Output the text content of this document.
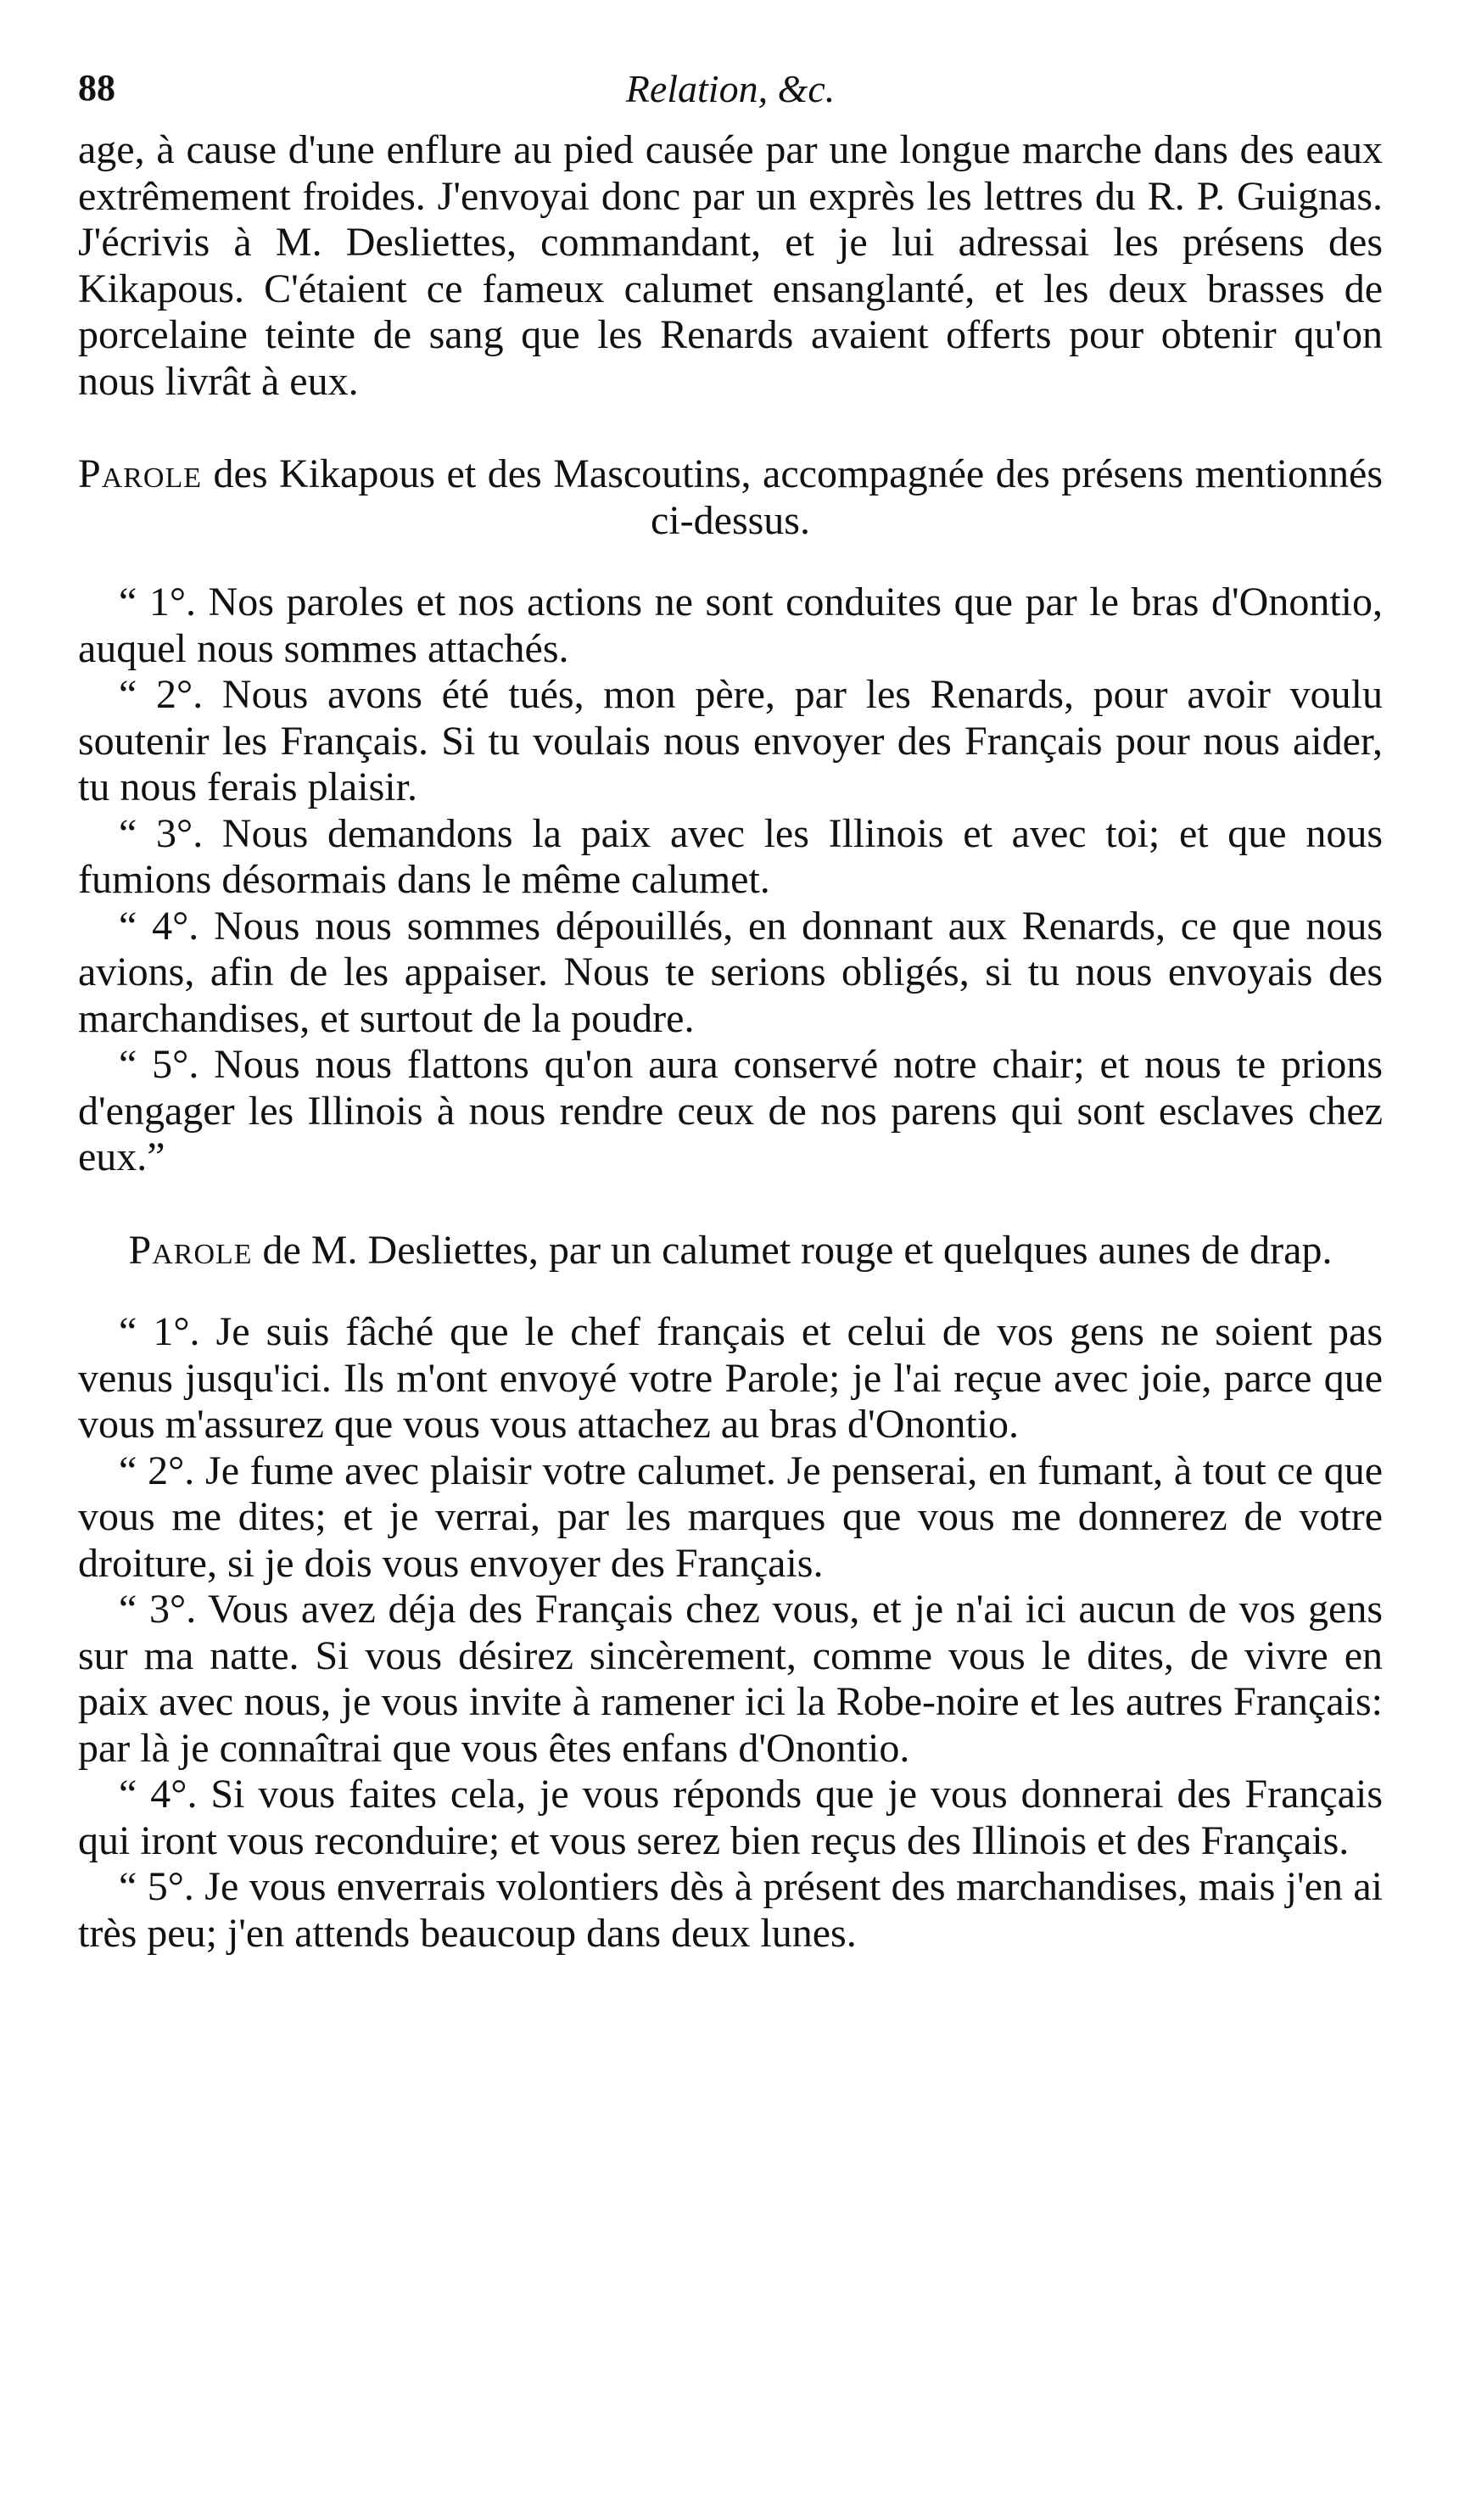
88	Relation, &c.

age, à cause d'une enflure au pied causée par une longue marche dans des eaux extrêmement froides. J'envoyai donc par un exprès les lettres du R. P. Guignas. J'écrivis à M. Desliettes, commandant, et je lui adressai les présens des Kikapous. C'étaient ce fameux calumet ensanglanté, et les deux brasses de porcelaine teinte de sang que les Renards avaient offerts pour obtenir qu'on nous livrât à eux.

Parole des Kikapous et des Mascoutins, accompagnée des présens mentionnés ci-dessus.

“ 1°. Nos paroles et nos actions ne sont conduites que par le bras d'Onontio, auquel nous sommes attachés.

“ 2°. Nous avons été tués, mon père, par les Renards, pour avoir voulu soutenir les Français. Si tu voulais nous envoyer des Français pour nous aider, tu nous ferais plaisir.

“ 3°. Nous demandons la paix avec les Illinois et avec toi; et que nous fumions désormais dans le même calumet.

“ 4°. Nous nous sommes dépouillés, en donnant aux Renards, ce que nous avions, afin de les appaiser. Nous te serions obligés, si tu nous envoyais des marchandises, et surtout de la poudre.

“ 5°. Nous nous flattons qu'on aura conservé notre chair; et nous te prions d'engager les Illinois à nous rendre ceux de nos parens qui sont esclaves chez eux.”

Parole de M. Desliettes, par un calumet rouge et quelques aunes de drap.

“ 1°. Je suis fâché que le chef français et celui de vos gens ne soient pas venus jusqu'ici. Ils m'ont envoyé votre Parole; je l'ai reçue avec joie, parce que vous m'assurez que vous vous attachez au bras d'Onontio.

“ 2°. Je fume avec plaisir votre calumet. Je penserai, en fumant, à tout ce que vous me dites; et je verrai, par les marques que vous me donnerez de votre droiture, si je dois vous envoyer des Français.

“ 3°. Vous avez déja des Français chez vous, et je n'ai ici aucun de vos gens sur ma natte. Si vous désirez sincèrement, comme vous le dites, de vivre en paix avec nous, je vous invite à ramener ici la Robe-noire et les autres Français: par là je connaîtrai que vous êtes enfans d'Onontio.

“ 4°. Si vous faites cela, je vous réponds que je vous donnerai des Français qui iront vous reconduire; et vous serez bien reçus des Illinois et des Français.

“ 5°. Je vous enverrais volontiers dès à présent des marchandises, mais j'en ai très peu; j'en attends beaucoup dans deux lunes.
